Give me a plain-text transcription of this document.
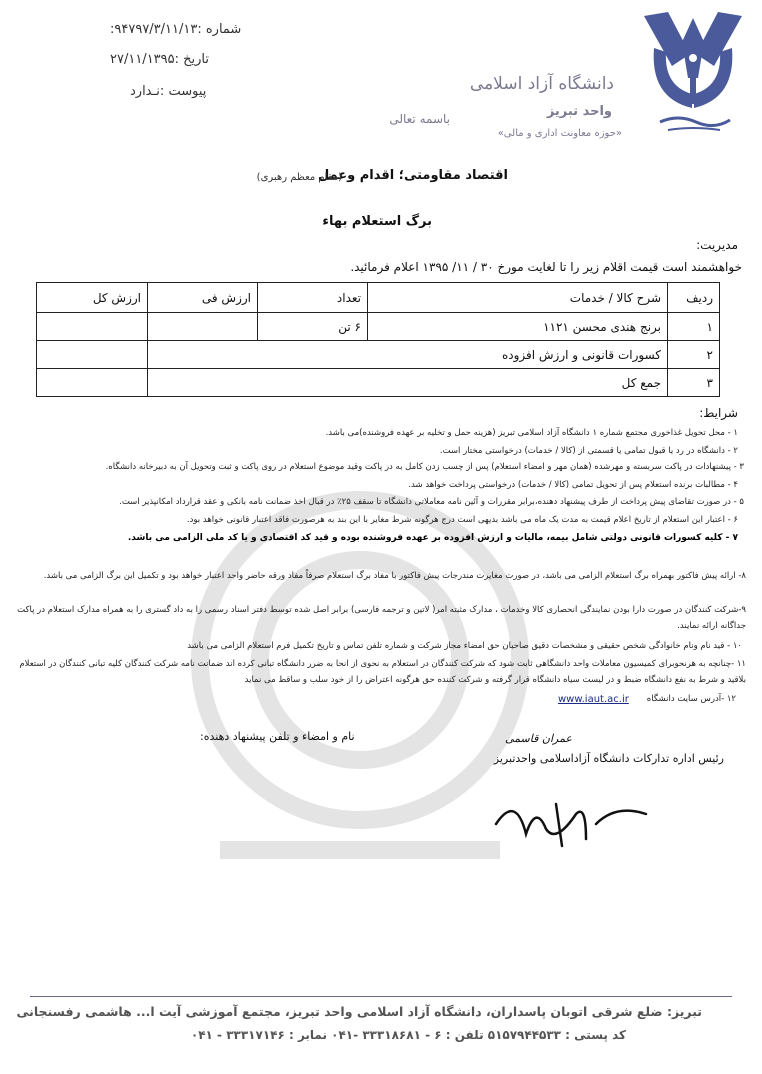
شماره :۹۴۷۹۷/۳/۱۱/۱۳:
تاریخ :۲۷/۱۱/۱۳۹۵
پیوست :نـدارد	دانشگاه آزاد اسلامی
واحد تبریز
«حوزه معاونت اداری و مالی»
باسمه تعالی
اقتصاد مقاومتی؛ اقدام وعمل
(مقام معظم رهبری)
برگ استعلام بهاء
مدیریت:
خواهشمند است قیمت اقلام زیر را تا لغایت مورخ ۳۰ / ۱۱/ ۱۳۹۵ اعلام فرمائید.
ردیف	شرح کالا / خدمات	تعداد	ارزش فی	ارزش کل
۱	برنج هندی محسن ۱۱۲۱	۶ تن		
۲	کسورات قانونی و ارزش افزوده			
۳	جمع کل			
شرایط:
۱ - محل تحویل غذاخوری مجتمع شماره ۱ دانشگاه آزاد اسلامی تبریز (هزینه حمل و تخلیه بر عهده فروشنده)می باشد.
۲ - دانشگاه در رد یا قبول تمامی یا قسمتی از (کالا / خدمات) درخواستی مختار است.
۳ - پیشنهادات در پاکت سربسته و مهرشده (همان مهر و امضاء استعلام) پس از چسب زدن کامل به در پاکت وقید موضوع استعلام در روی پاکت و ثبت وتحویل آن به دبیرخانه دانشگاه.
۴ - مطالبات برنده استعلام پس از تحویل تمامی (کالا / خدمات) درخواستی پرداخت خواهد شد.
۵ - در صورت تقاضای پیش پرداخت از طرف پیشنهاد دهنده،برابر مقررات و آئین نامه معاملاتی دانشگاه تا سقف ۲۵٪ در قبال اخذ ضمانت نامه بانکی و عقد قرارداد امکانپذیر است.
۶ - اعتبار این استعلام از تاریخ اعلام قیمت به مدت یک ماه می باشد بدیهی است درج هرگونه شرط مغایر با این بند به هرصورت فاقد اعتبار قانونی خواهد بود.
۷ - کلیه کسورات قانونی دولتی شامل بیمه، مالیات و ارزش افزوده بر عهده فروشنده بوده و قید کد اقتصادی و یا کد ملی الزامی می باشد.
۸- ارائه پیش فاکتور بهمراه برگ استعلام الزامی می باشد، در صورت مغایرت مندرجات پیش فاکتور با مفاد برگ استعلام صرفاً مفاد ورقه حاضر واجد اعتبار خواهد بود و تکمیل این برگ الزامی می باشد.
۹-شرکت کنندگان در صورت دارا بودن نمایندگی انحصاری کالا وخدمات ، مدارک مثبته امر( لاتین و ترجمه فارسی) برابر اصل شده توسط دفتر اسناد رسمی را به داد گستری را به همراه مدارک استعلام در پاکت جداگانه ارائه نمایند.
۱۰ - قید نام ونام خانوادگی شخص حقیقی و مشخصات دقیق صاحبان حق امضاء مجاز شرکت و شماره تلفن تماس و تاریخ تکمیل فرم استعلام الزامی می باشد
۱۱ -چنانچه به هرنحوبرای کمیسیون معاملات واحد دانشگاهی ثابت شود که شرکت کنندگان در استعلام به نحوی از انحا به ضرر دانشگاه تبانی کرده اند ضمانت نامه شرکت کنندگان کلیه تبانی کنندگان در استعلام بلاقید و شرط به نفع دانشگاه ضبط و در لیست سیاه دانشگاه قرار گرفته و شرکت کننده حق هرگونه اعتراض را از خود سلب و ساقط می نماید
۱۲ -آدرس سایت دانشگاه
www.iaut.ac.ir
عمران قاسمی
رئیس اداره تدارکات دانشگاه آزاداسلامی واحدتبریز
نام و امضاء و تلفن پیشنهاد دهنده:
تبریز: ضلع شرقی اتوبان پاسداران، دانشگاه آزاد اسلامی واحد تبریز، مجتمع آموزشی آیت ا... هاشمی رفسنجانی
کد پستی : ۵۱۵۷۹۴۴۵۳۳ تلفن : ۶ - ۳۳۳۱۸۶۸۱ -۰۴۱ نمابر : ۳۳۳۱۷۱۴۶ - ۰۴۱
